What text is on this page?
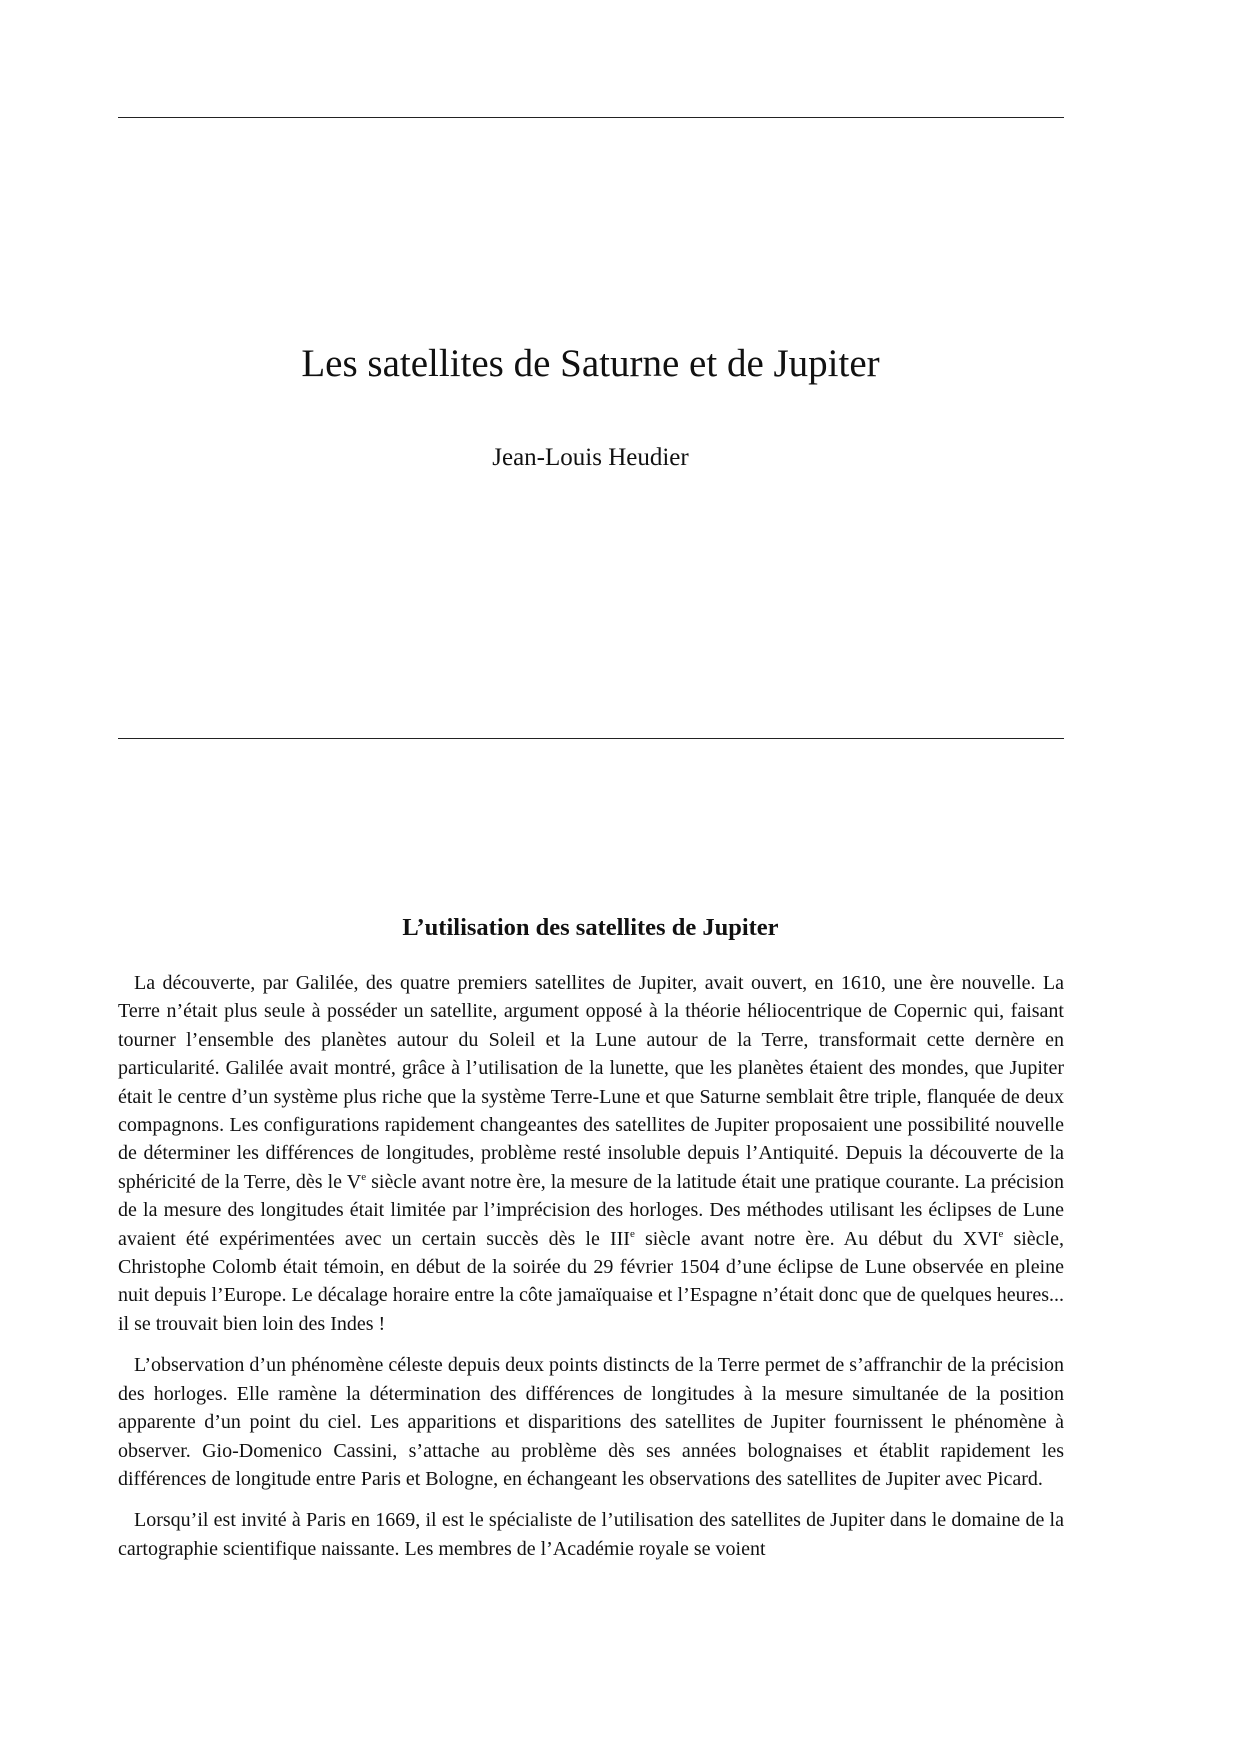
Les satellites de Saturne et de Jupiter
Jean-Louis Heudier
L’utilisation des satellites de Jupiter

La découverte, par Galilée, des quatre premiers satellites de Jupiter, avait ouvert, en 1610, une ère nouvelle. La Terre n’était plus seule à posséder un satellite, argument opposé à la théorie héliocentrique de Copernic qui, faisant tourner l’ensemble des planètes autour du Soleil et la Lune autour de la Terre, transformait cette dernère en particularité. Galilée avait montré, grâce à l’utilisation de la lunette, que les planètes étaient des mondes, que Jupiter était le centre d’un système plus riche que la système Terre-Lune et que Saturne semblait être triple, flanquée de deux compagnons. Les configurations rapidement changeantes des satellites de Jupiter proposaient une possibilité nouvelle de déterminer les différences de longitudes, problème resté insoluble depuis l’Antiquité. Depuis la découverte de la sphéricité de la Terre, dès le Ve siècle avant notre ère, la mesure de la latitude était une pratique courante. La précision de la mesure des longitudes était limitée par l’imprécision des horloges. Des méthodes utilisant les éclipses de Lune avaient été expérimentées avec un certain succès dès le IIIe siècle avant notre ère. Au début du XVIe siècle, Christophe Colomb était témoin, en début de la soirée du 29 février 1504 d’une éclipse de Lune observée en pleine nuit depuis l’Europe. Le décalage horaire entre la côte jamaïquaise et l’Espagne n’était donc que de quelques heures... il se trouvait bien loin des Indes !

L’observation d’un phénomène céleste depuis deux points distincts de la Terre permet de s’affranchir de la précision des horloges. Elle ramène la détermination des différences de longitudes à la mesure simultanée de la position apparente d’un point du ciel. Les apparitions et disparitions des satellites de Jupiter fournissent le phénomène à observer. Gio-Domenico Cassini, s’attache au problème dès ses années bolognaises et établit rapidement les différences de longitude entre Paris et Bologne, en échangeant les observations des satellites de Jupiter avec Picard.

Lorsqu’il est invité à Paris en 1669, il est le spécialiste de l’utilisation des satellites de Jupiter dans le domaine de la cartographie scientifique naissante. Les membres de l’Académie royale se voient
